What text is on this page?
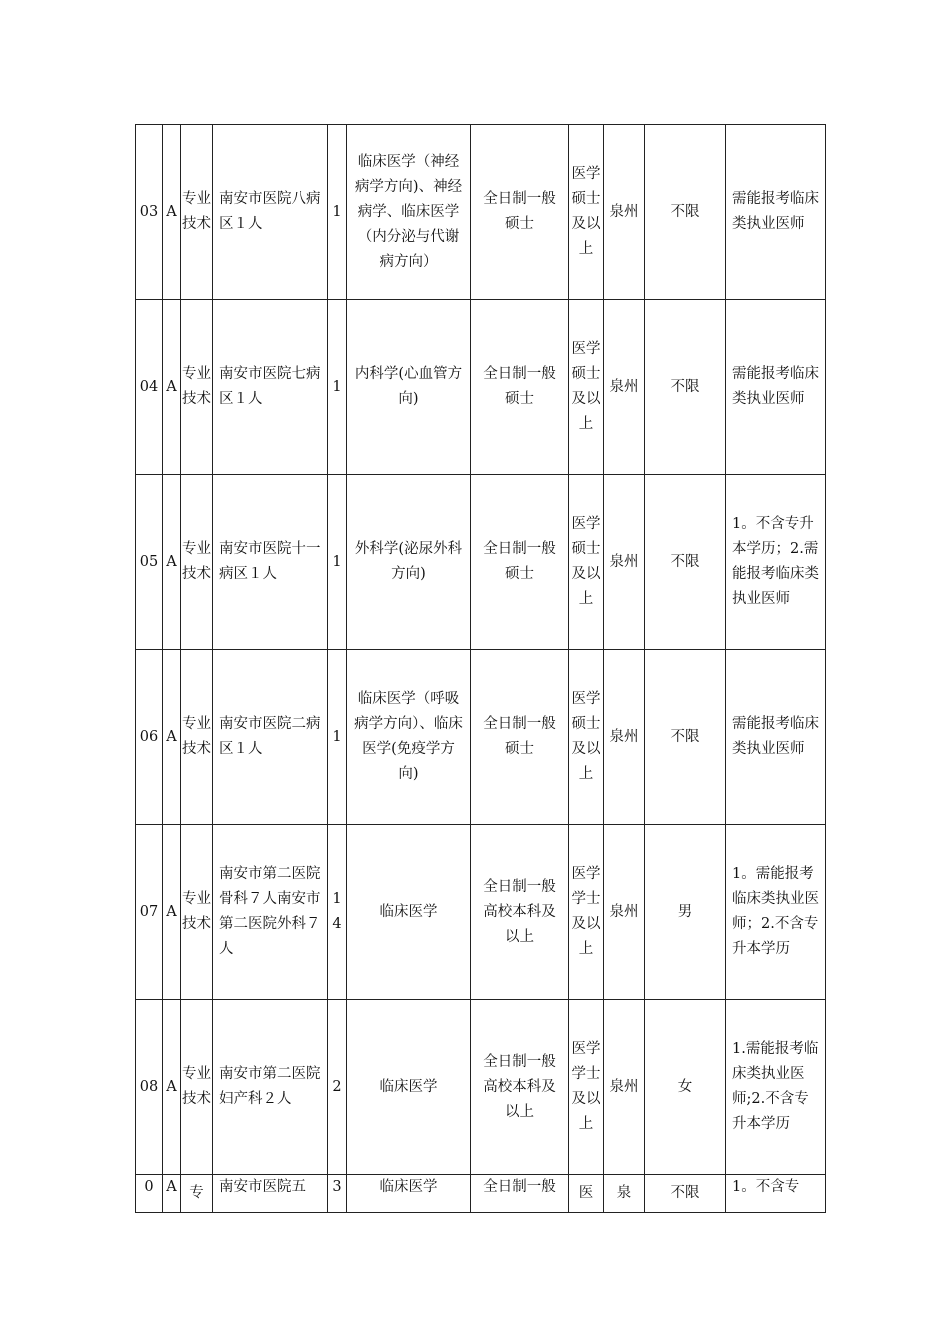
03	A	专业技术	南安市医院八病区１人	1	临床医学（神经病学方向)、神经病学、临床医学（内分泌与代谢病方向）	全日制一般硕士	医学硕士及以上	泉州	不限	需能报考临床类执业医师
04	A	专业技术	南安市医院七病区１人	1	内科学(心血管方向)	全日制一般硕士	医学硕士及以上	泉州	不限	需能报考临床类执业医师
05	A	专业技术	南安市医院十一病区１人	1	外科学(泌尿外科方向)	全日制一般硕士	医学硕士及以上	泉州	不限	1。不含专升本学历；2.需能报考临床类执业医师
06	A	专业技术	南安市医院二病区１人	1	临床医学（呼吸病学方向）、临床医学(免疫学方向)	全日制一般硕士	医学硕士及以上	泉州	不限	需能报考临床类执业医师
07	A	专业技术	南安市第二医院骨科７人南安市第二医院外科７人	14	临床医学	全日制一般高校本科及以上	医学学士及以上	泉州	男	1。需能报考临床类执业医师；2.不含专升本学历
08	A	专业技术	南安市第二医院妇产科２人	2	临床医学	全日制一般高校本科及以上	医学学士及以上	泉州	女	1.需能报考临床类执业医师;2.不含专升本学历
0	A	专	南安市医院五	3	临床医学	全日制一般	医	泉	不限	1。不含专
